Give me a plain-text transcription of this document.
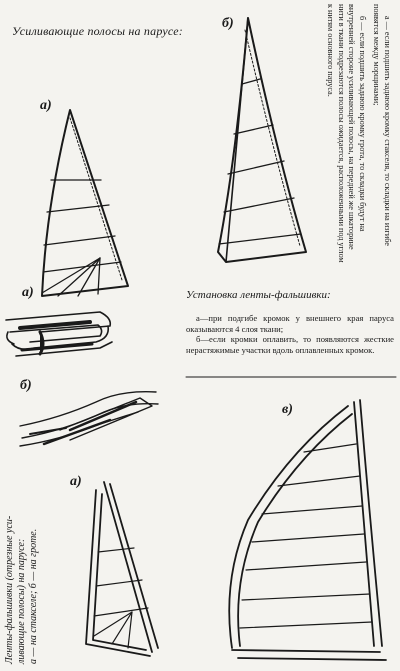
Усиливающие полосы на парусе:	б)
а)
а)
б)
в)
а)

а — если подшить заднюю кромку стакселя, то складки на изгибе появятся между морщинами;

б — если подшить заднюю кромку грота, то складки будут на внутренней стороне усиливающей полосы, на передней же шкаторине нити в ткани подрезаются полосы ожидается, расположенными под углом к нитям основного паруса.

Установка ленты-фальшивки:

а—при подгибе кромок у внешнего края паруса оказываются 4 слоя ткани;

б—если кромки оплавить, то появляются жесткие нерастяжимые участки вдоль оплавленных кромок.

Ленты-фальшивки (отрезные уси- ливающие полосы) на парусе: а — на стакселе; б — на гроте.
